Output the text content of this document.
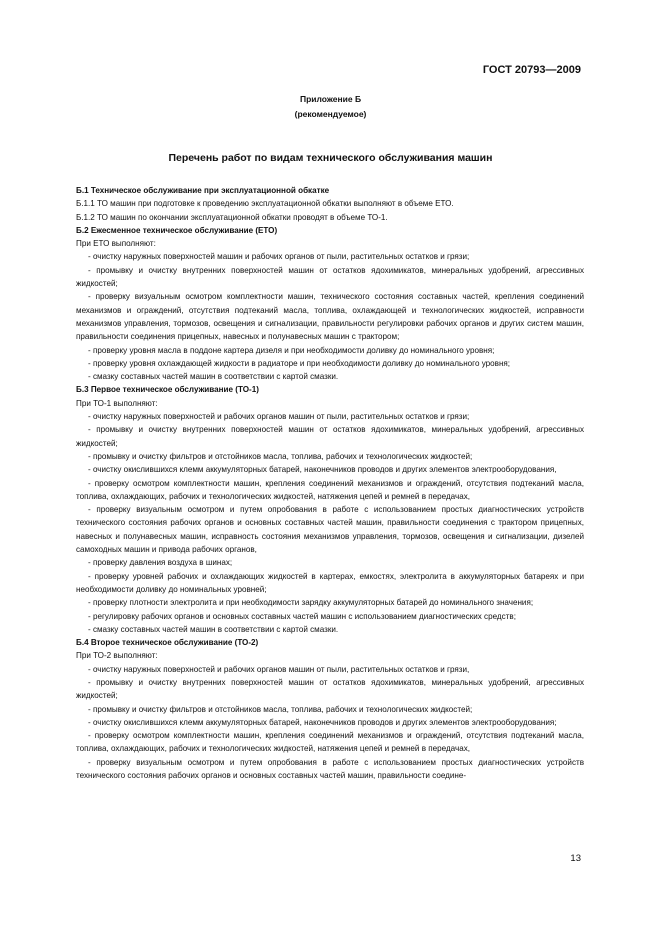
ГОСТ 20793—2009
Приложение Б
(рекомендуемое)
Перечень работ по видам технического обслуживания машин

Б.1 Техническое обслуживание при эксплуатационной обкатке

Б.1.1 ТО машин при подготовке к проведению эксплуатационной обкатки выполняют в объеме ЕТО.

Б.1.2 ТО машин по окончании эксплуатационной обкатки проводят в объеме ТО-1.

Б.2 Ежесменное техническое обслуживание (ЕТО)

При ЕТО выполняют:

- очистку наружных поверхностей машин и рабочих органов от пыли, растительных остатков и грязи;

- промывку и очистку внутренних поверхностей машин от остатков ядохимикатов, минеральных удобрений, агрессивных жидкостей;

- проверку визуальным осмотром комплектности машин, технического состояния составных частей, крепления соединений механизмов и ограждений, отсутствия подтеканий масла, топлива, охлаждающей и технологических жидкостей, исправности механизмов управления, тормозов, освещения и сигнализации, правильности регулировки рабочих органов и других систем машин, правильности соединения прицепных, навесных и полунавесных машин с трактором;

- проверку уровня масла в поддоне картера дизеля и при необходимости доливку до номинального уровня;

- проверку уровня охлаждающей жидкости в радиаторе и при необходимости доливку до номинального уровня;

- смазку составных частей машин в соответствии с картой смазки.

Б.3 Первое техническое обслуживание (ТО-1)

При ТО-1 выполняют:

- очистку наружных поверхностей и рабочих органов машин от пыли, растительных остатков и грязи;

- промывку и очистку внутренних поверхностей машин от остатков ядохимикатов, минеральных удобрений, агрессивных жидкостей;

- промывку и очистку фильтров и отстойников масла, топлива, рабочих и технологических жидкостей;

- очистку окислившихся клемм аккумуляторных батарей, наконечников проводов и других элементов электрооборудования,

- проверку осмотром комплектности машин, крепления соединений механизмов и ограждений, отсутствия подтеканий масла, топлива, охлаждающих, рабочих и технологических жидкостей, натяжения цепей и ремней в передачах,

- проверку визуальным осмотром и путем опробования в работе с использованием простых диагностических устройств технического состояния рабочих органов и основных составных частей машин, правильности соединения с трактором прицепных, навесных и полунавесных машин, исправность состояния механизмов управления, тормозов, освещения и сигнализации, дизелей самоходных машин и привода рабочих органов,

- проверку давления воздуха в шинах;

- проверку уровней рабочих и охлаждающих жидкостей в картерах, емкостях, электролита в аккумуляторных батареях и при необходимости доливку до номинальных уровней;

- проверку плотности электролита и при необходимости зарядку аккумуляторных батарей до номинального значения;

- регулировку рабочих органов и основных составных частей машин с использованием диагностических средств;

- смазку составных частей машин в соответствии с картой смазки.

Б.4 Второе техническое обслуживание (ТО-2)

При ТО-2 выполняют:

- очистку наружных поверхностей и рабочих органов машин от пыли, растительных остатков и грязи,

- промывку и очистку внутренних поверхностей машин от остатков ядохимикатов, минеральных удобрений, агрессивных жидкостей;

- промывку и очистку фильтров и отстойников масла, топлива, рабочих и технологических жидкостей;

- очистку окислившихся клемм аккумуляторных батарей, наконечников проводов и других элементов электрооборудования;

- проверку осмотром комплектности машин, крепления соединений механизмов и ограждений, отсутствия подтеканий масла, топлива, охлаждающих, рабочих и технологических жидкостей, натяжения цепей и ремней в передачах,

- проверку визуальным осмотром и путем опробования в работе с использованием простых диагностических устройств технического состояния рабочих органов и основных составных частей машин, правильности соедине-

13
